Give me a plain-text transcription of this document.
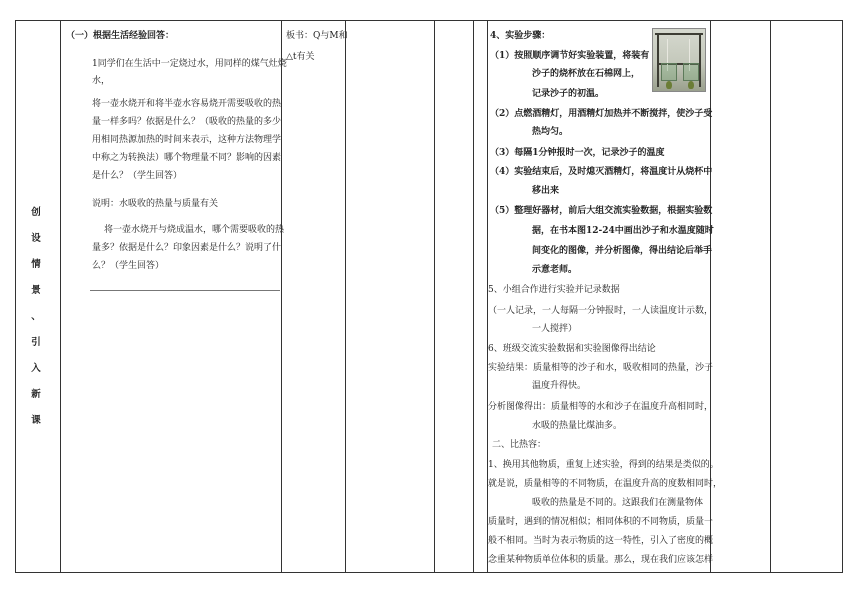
创
设
情
景
、
引
入
新
课
（一）根据生活经验回答：	板书：Q与M和
△t有关
1同学们在生活中一定烧过水，用同样的煤气灶烧
水，
将一壶水烧开和将半壶水容易烧开需要吸收的热
量一样多吗？依据是什么？（吸收的热量的多少
用相同热源加热的时间来表示，这种方法物理学
中称之为转换法）哪个物理量不同？影响的因素
是什么？（学生回答）
说明：水吸收的热量与质量有关
将一壶水烧开与烧成温水，哪个需要吸收的热
量多？依据是什么？印象因素是什么？说明了什
么？（学生回答）
4、实验步骤：
（1）按照顺序调节好实验装置，将装有
沙子的烧杯放在石棉网上，
记录沙子的初温。
（2）点燃酒精灯，用酒精灯加热并不断搅拌，使沙子受
热均匀。
（3）每隔1分钟报时一次，记录沙子的温度
（4）实验结束后，及时熄灭酒精灯，将温度计从烧杯中
移出来
（5）整理好器材，前后大组交流实验数据，根据实验数
据，在书本图12-24中画出沙子和水温度随时
间变化的图像，并分析图像，得出结论后举手
示意老师。
5、小组合作进行实验并记录数据
（一人记录，一人每隔一分钟报时，一人读温度计示数，
一人搅拌）
6、班级交流实验数据和实验图像得出结论
实验结果：质量相等的沙子和水，吸收相同的热量，沙子
温度升得快。
分析图像得出：质量相等的水和沙子在温度升高相同时，
水吸的热量比煤油多。
二、比热容：
1、换用其他物质，重复上述实验，得到的结果是类似的。
就是说，质量相等的不同物质，在温度升高的度数相同时，
吸收的热量是不同的。这跟我们在测量物体
质量时，遇到的情况相似；相同体积的不同物质，质量一
般不相同。当时为表示物质的这一特性，引入了密度的概
念重某种物质单位体积的质量。那么，现在我们应该怎样
